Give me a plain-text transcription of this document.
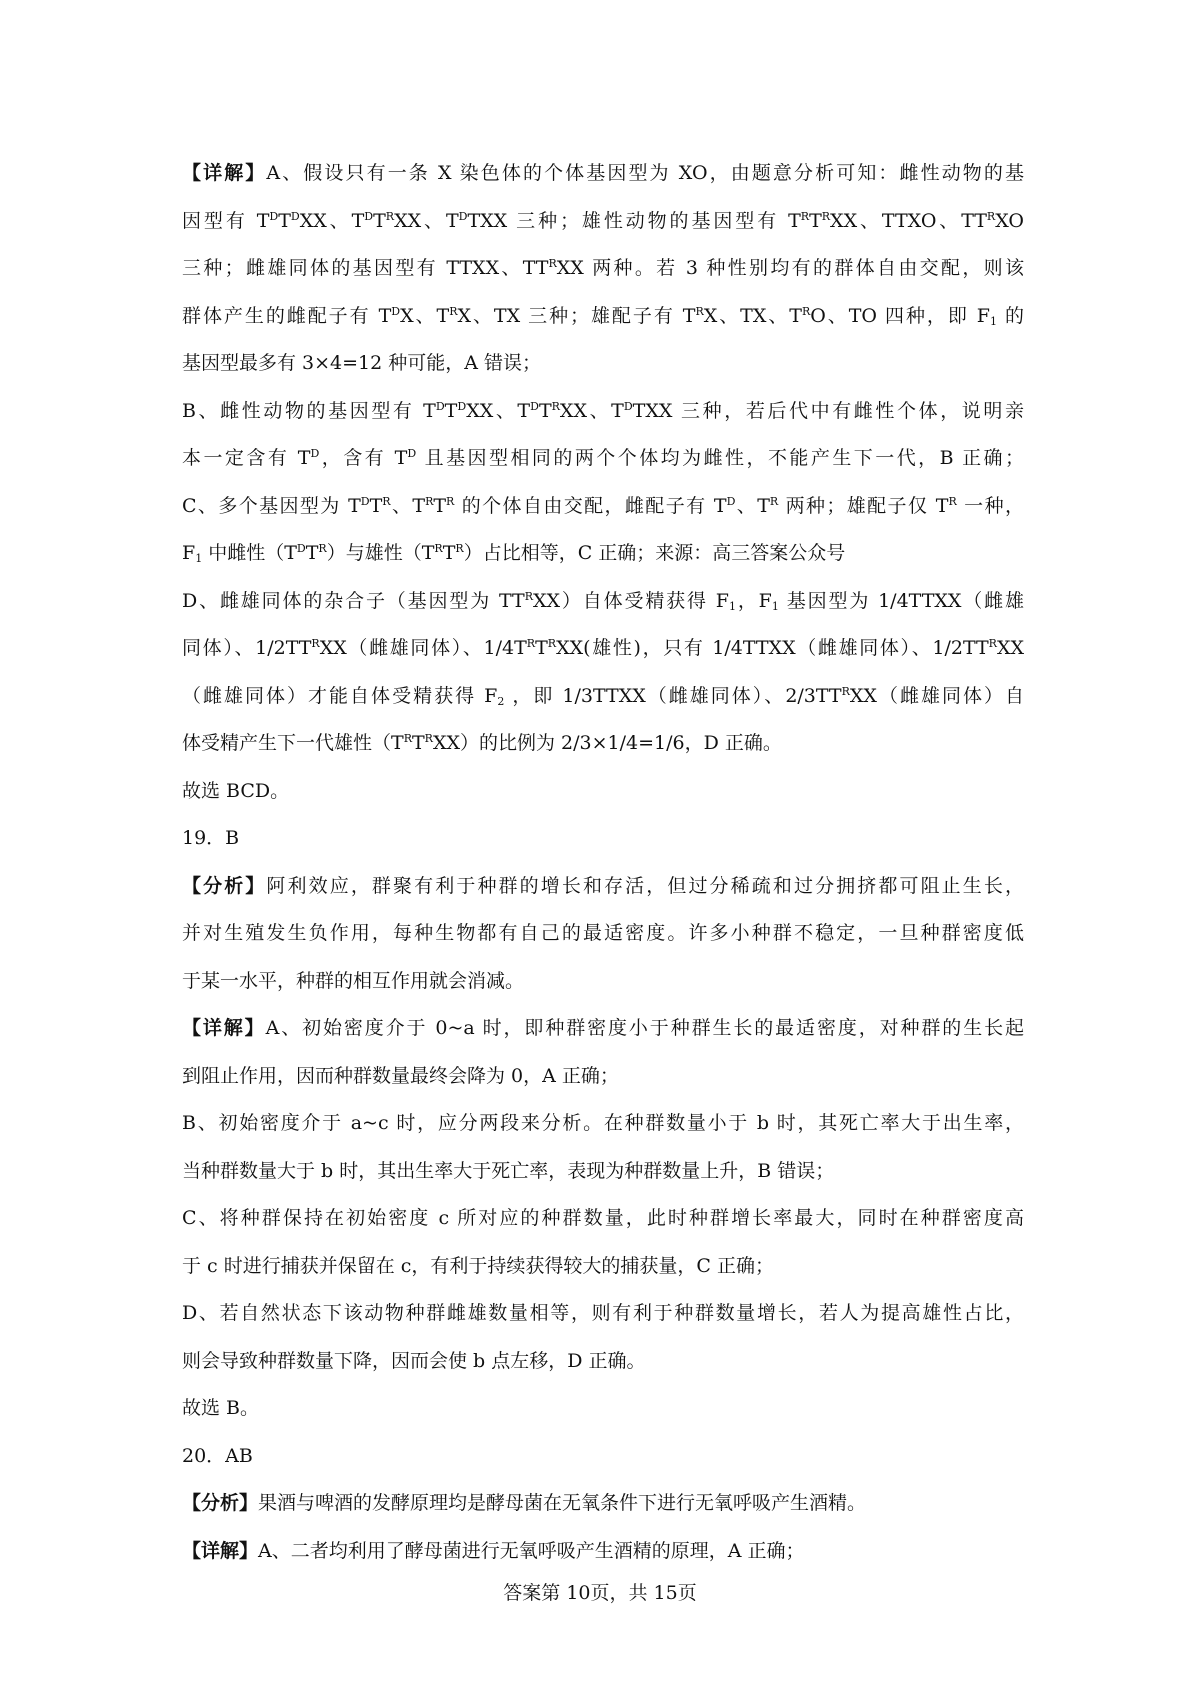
【详解】A、假设只有一条 X 染色体的个体基因型为 XO，由题意分析可知：雌性动物的基
因型有 $T^DT^DXX$、$T^DT^RXX$、$T^DTXX$ 三种；雄性动物的基因型有 $T^RT^RXX$、TTXO、$TT^RXO$
三种；雌雄同体的基因型有 TTXX、$TT^RXX$ 两种。若 3 种性别均有的群体自由交配，则该
群体产生的雌配子有 $T^DX$、$T^RX$、TX 三种；雄配子有 $T^RX$、TX、$T^RO$、TO 四种，即 $F_1$ 的
基因型最多有 3×4=12 种可能，A 错误；
B、雌性动物的基因型有 $T^DT^DXX$、$T^DT^RXX$、$T^DTXX$ 三种，若后代中有雌性个体，说明亲
本一定含有 $T^D$，含有 $T^D$ 且基因型相同的两个个体均为雌性，不能产生下一代，B 正确；
C、多个基因型为 $T^DT^R$、$T^RT^R$ 的个体自由交配，雌配子有 $T^D$、$T^R$ 两种；雄配子仅 $T^R$ 一种，
$F_1$ 中雌性$(T^DT^R)$与雄性$(T^RT^R)$占比相等，C 正确；来源：高三答案公众号
D、雌雄同体的杂合子（基因型为 $TT^RXX$）自体受精获得 $F_1$，$F_1$ 基因型为 1/4TTXX（雌雄
同体）、$1/2TT^RXX$（雌雄同体）、$1/4T^RT^RXX$(雄性)，只有 1/4TTXX（雌雄同体）、$1/2TT^RXX$
（雌雄同体）才能自体受精获得 $F_2$ ，即 1/3TTXX（雌雄同体）、$2/3TT^RXX$（雌雄同体）自
体受精产生下一代雄性$(T^RT^RXX)$的比例为 2/3×1/4=1/6，D 正确。
故选 BCD。
19．B
【分析】阿利效应，群聚有利于种群的增长和存活，但过分稀疏和过分拥挤都可阻止生长，
并对生殖发生负作用，每种生物都有自己的最适密度。许多小种群不稳定，一旦种群密度低
于某一水平，种群的相互作用就会消减。
【详解】A、初始密度介于 0~a 时，即种群密度小于种群生长的最适密度，对种群的生长起
到阻止作用，因而种群数量最终会降为 0，A 正确；
B、初始密度介于 a~c 时，应分两段来分析。在种群数量小于 b 时，其死亡率大于出生率，
当种群数量大于 b 时，其出生率大于死亡率，表现为种群数量上升，B 错误；
C、将种群保持在初始密度 c 所对应的种群数量，此时种群增长率最大，同时在种群密度高
于 c 时进行捕获并保留在 c，有利于持续获得较大的捕获量，C 正确；
D、若自然状态下该动物种群雌雄数量相等，则有利于种群数量增长，若人为提高雄性占比，
则会导致种群数量下降，因而会使 b 点左移，D 正确。
故选 B。
20．AB
【分析】果酒与啤酒的发酵原理均是酵母菌在无氧条件下进行无氧呼吸产生酒精。
【详解】A、二者均利用了酵母菌进行无氧呼吸产生酒精的原理，A 正确；
答案第 10页，共 15页
